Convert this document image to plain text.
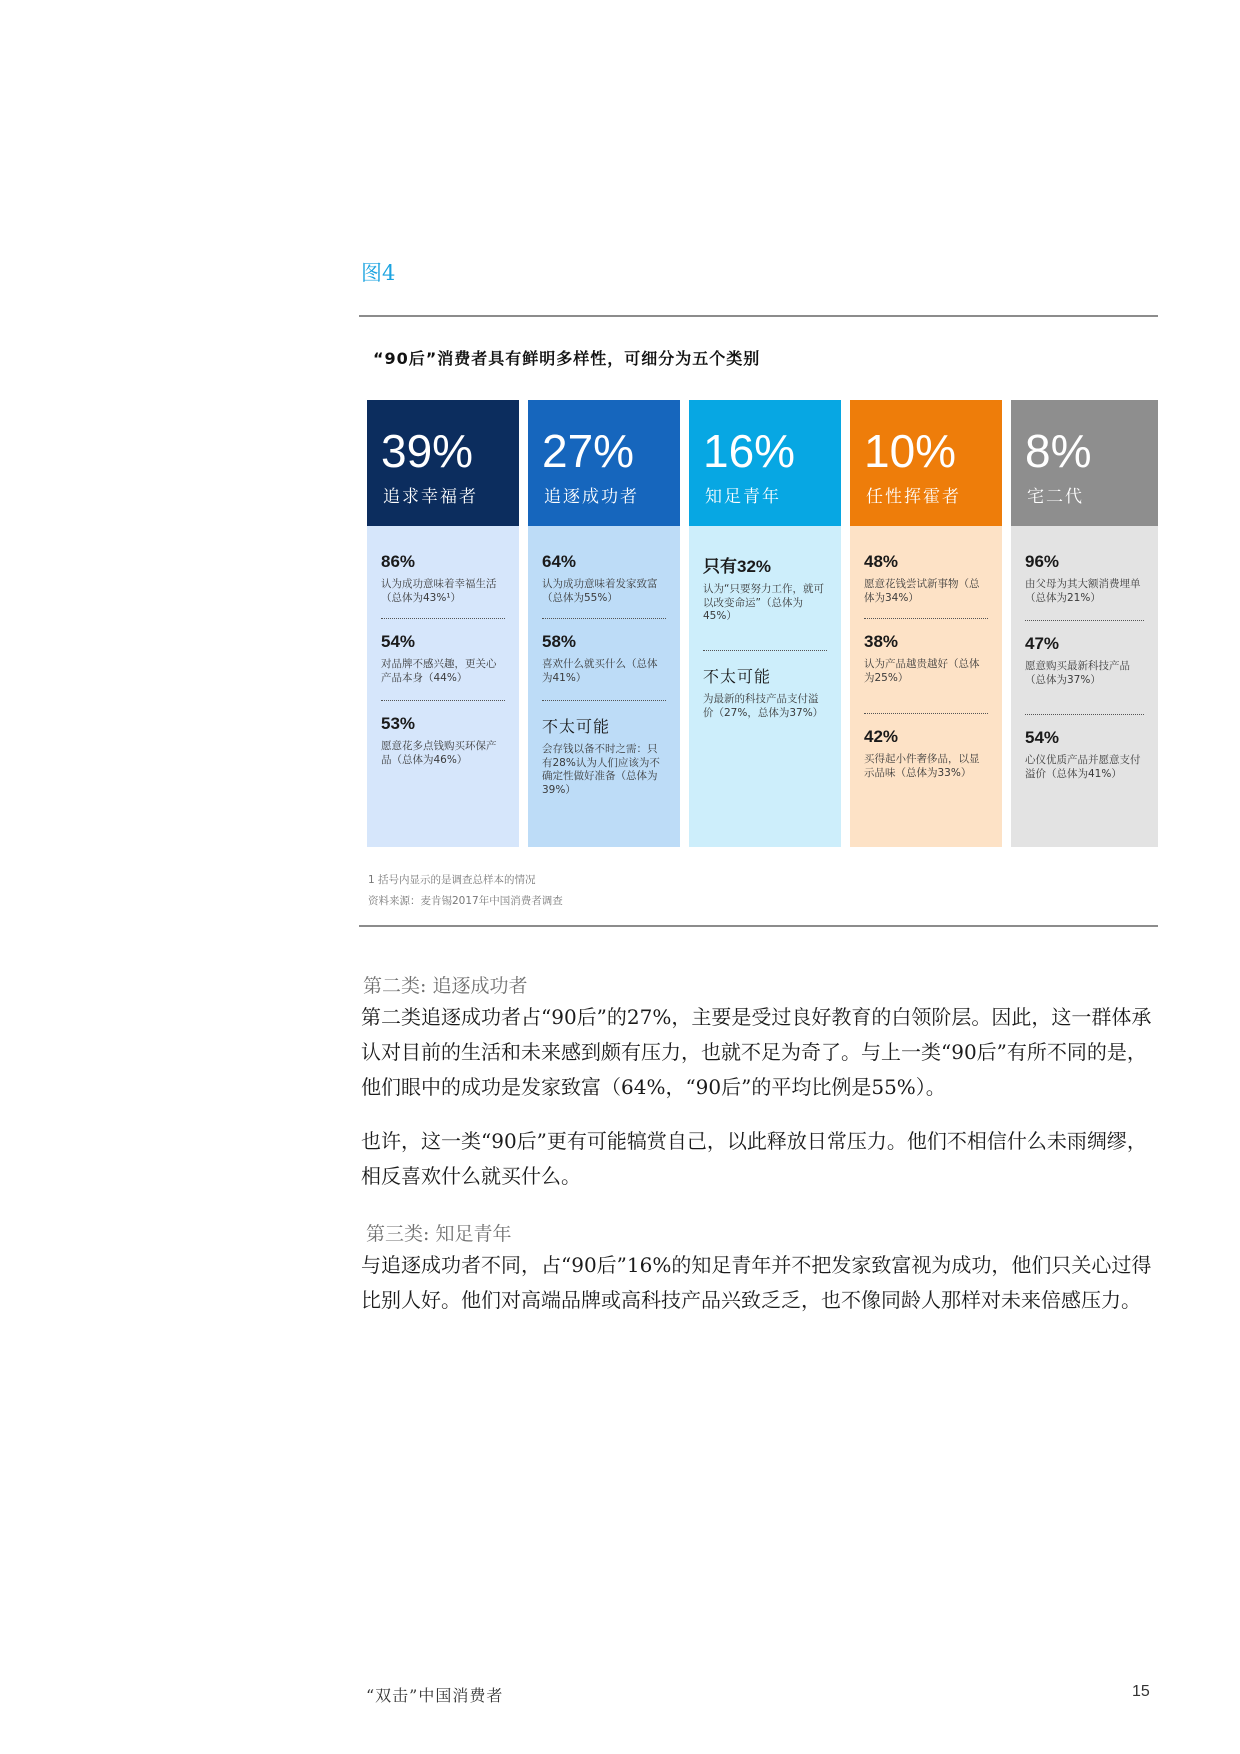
图4
“90后”消费者具有鲜明多样性，可细分为五个类别
39%
追求幸福者
86%
认为成功意味着幸福生活（总体为43%¹）
54%
对品牌不感兴趣，更关心产品本身（44%）
53%
愿意花多点钱购买环保产品（总体为46%）
27%
追逐成功者
64%
认为成功意味着发家致富（总体为55%）
58%
喜欢什么就买什么（总体为41%）
不太可能
会存钱以备不时之需：只有28%认为人们应该为不确定性做好准备（总体为39%）
16%
知足青年
只有32%
认为“只要努力工作，就可以改变命运”（总体为45%）
不太可能
为最新的科技产品支付溢价（27%，总体为37%）
10%
任性挥霍者
48%
愿意花钱尝试新事物（总体为34%）
38%
认为产品越贵越好（总体为25%）
42%
买得起小件奢侈品，以显示品味（总体为33%）
8%
宅二代
96%
由父母为其大额消费埋单（总体为21%）
47%
愿意购买最新科技产品（总体为37%）
54%
心仪优质产品并愿意支付溢价（总体为41%）
1 括号内显示的是调查总样本的情况
资料来源：麦肯锡2017年中国消费者调查
第二类: 追逐成功者

第二类追逐成功者占“90后”的27%，主要是受过良好教育的白领阶层。因此，这一群体承认对目前的生活和未来感到颇有压力，也就不足为奇了。与上一类“90后”有所不同的是，他们眼中的成功是发家致富（64%，“90后”的平均比例是55%）。

也许，这一类“90后”更有可能犒赏自己，以此释放日常压力。他们不相信什么未雨绸缪，相反喜欢什么就买什么。

第三类: 知足青年

与追逐成功者不同，占“90后”16%的知足青年并不把发家致富视为成功，他们只关心过得比别人好。他们对高端品牌或高科技产品兴致乏乏，也不像同龄人那样对未来倍感压力。

“双击”中国消费者	15
